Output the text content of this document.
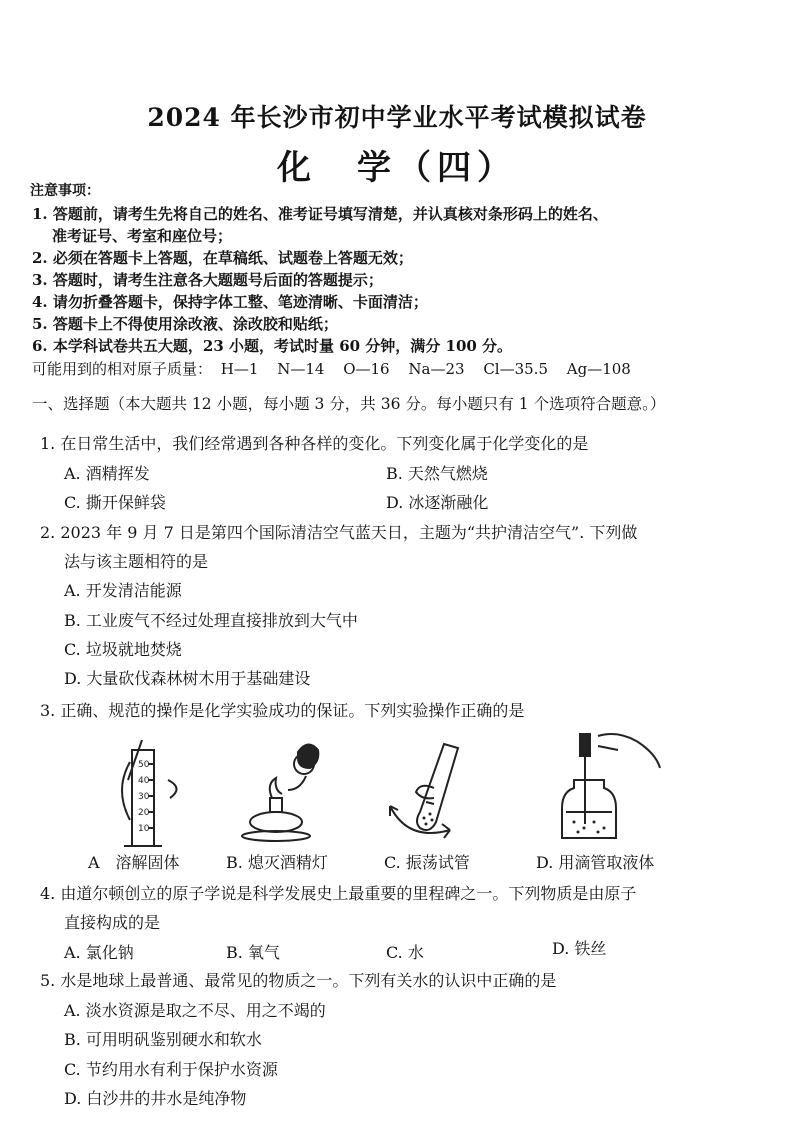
2024 年长沙市初中学业水平考试模拟试卷
化　学（四）
注意事项：
1. 答题前，请考生先将自己的姓名、准考证号填写清楚，并认真核对条形码上的姓名、
准考证号、考室和座位号；
2. 必须在答题卡上答题，在草稿纸、试题卷上答题无效；
3. 答题时，请考生注意各大题题号后面的答题提示；
4. 请勿折叠答题卡，保持字体工整、笔迹清晰、卡面清洁；
5. 答题卡上不得使用涂改液、涂改胶和贴纸；
6. 本学科试卷共五大题，23 小题，考试时量 60 分钟，满分 100 分。
可能用到的相对原子质量： H—1 N—14 O—16 Na—23 Cl—35.5 Ag—108
一、选择题（本大题共 12 小题，每小题 3 分，共 36 分。每小题只有 1 个选项符合题意。）
1. 在日常生活中，我们经常遇到各种各样的变化。下列变化属于化学变化的是
A. 酒精挥发	B. 天然气燃烧
C. 撕开保鲜袋	D. 冰逐渐融化
2. 2023 年 9 月 7 日是第四个国际清洁空气蓝天日，主题为“共护清洁空气”. 下列做
法与该主题相符的是
A. 开发清洁能源
B. 工业废气不经过处理直接排放到大气中
C. 垃圾就地焚烧
D. 大量砍伐森林树木用于基础建设
3. 正确、规范的操作是化学实验成功的保证。下列实验操作正确的是
50
40
30
20
10
A　溶解固体	B. 熄灭酒精灯	C. 振荡试管	D. 用滴管取液体
4. 由道尔顿创立的原子学说是科学发展史上最重要的里程碑之一。下列物质是由原子
直接构成的是
A. 氯化钠	B. 氧气	C. 水	D. 铁丝
5. 水是地球上最普通、最常见的物质之一。下列有关水的认识中正确的是
A. 淡水资源是取之不尽、用之不竭的
B. 可用明矾鉴别硬水和软水
C. 节约用水有利于保护水资源
D. 白沙井的井水是纯净物
